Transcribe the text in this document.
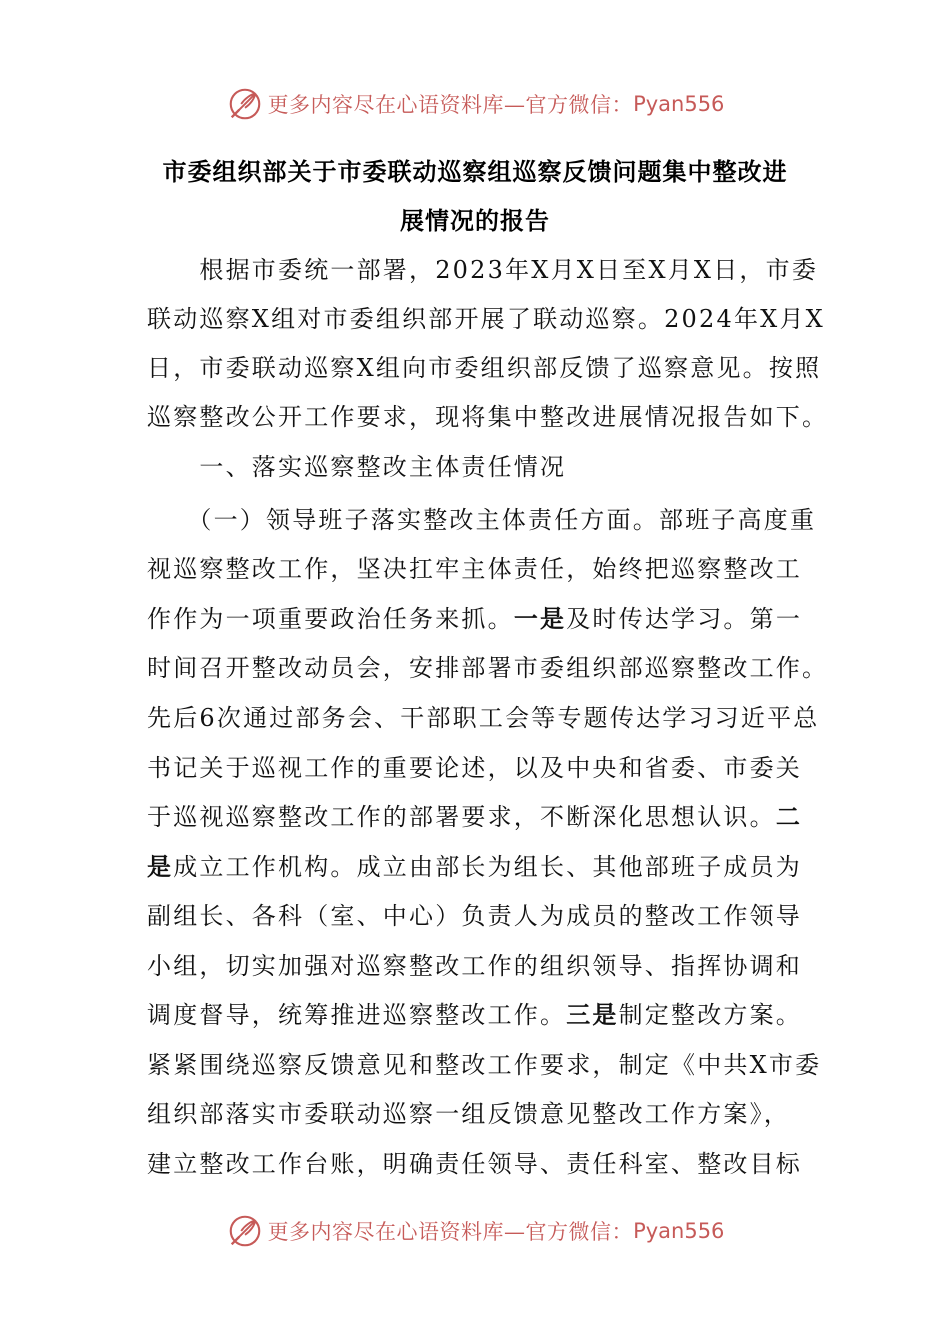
更多内容尽在心语资料库—官方微信： Pyan556
市委组织部关于市委联动巡察组巡察反馈问题集中整改进
展情况的报告
　　根据市委统一部署，2023年X月X日至X月X日，市委
联动巡察X组对市委组织部开展了联动巡察。2024年X月X
日，市委联动巡察X组向市委组织部反馈了巡察意见。按照
巡察整改公开工作要求，现将集中整改进展情况报告如下。
　　一、落实巡察整改主体责任情况
　　（一）领导班子落实整改主体责任方面。部班子高度重
视巡察整改工作，坚决扛牢主体责任，始终把巡察整改工
作作为一项重要政治任务来抓。一是及时传达学习。第一
时间召开整改动员会，安排部署市委组织部巡察整改工作。
先后6次通过部务会、干部职工会等专题传达学习习近平总
书记关于巡视工作的重要论述，以及中央和省委、市委关
于巡视巡察整改工作的部署要求，不断深化思想认识。二
是成立工作机构。成立由部长为组长、其他部班子成员为
副组长、各科（室、中心）负责人为成员的整改工作领导
小组，切实加强对巡察整改工作的组织领导、指挥协调和
调度督导，统筹推进巡察整改工作。三是制定整改方案。
紧紧围绕巡察反馈意见和整改工作要求，制定《中共X市委
组织部落实市委联动巡察一组反馈意见整改工作方案》，
建立整改工作台账，明确责任领导、责任科室、整改目标
更多内容尽在心语资料库—官方微信： Pyan556
